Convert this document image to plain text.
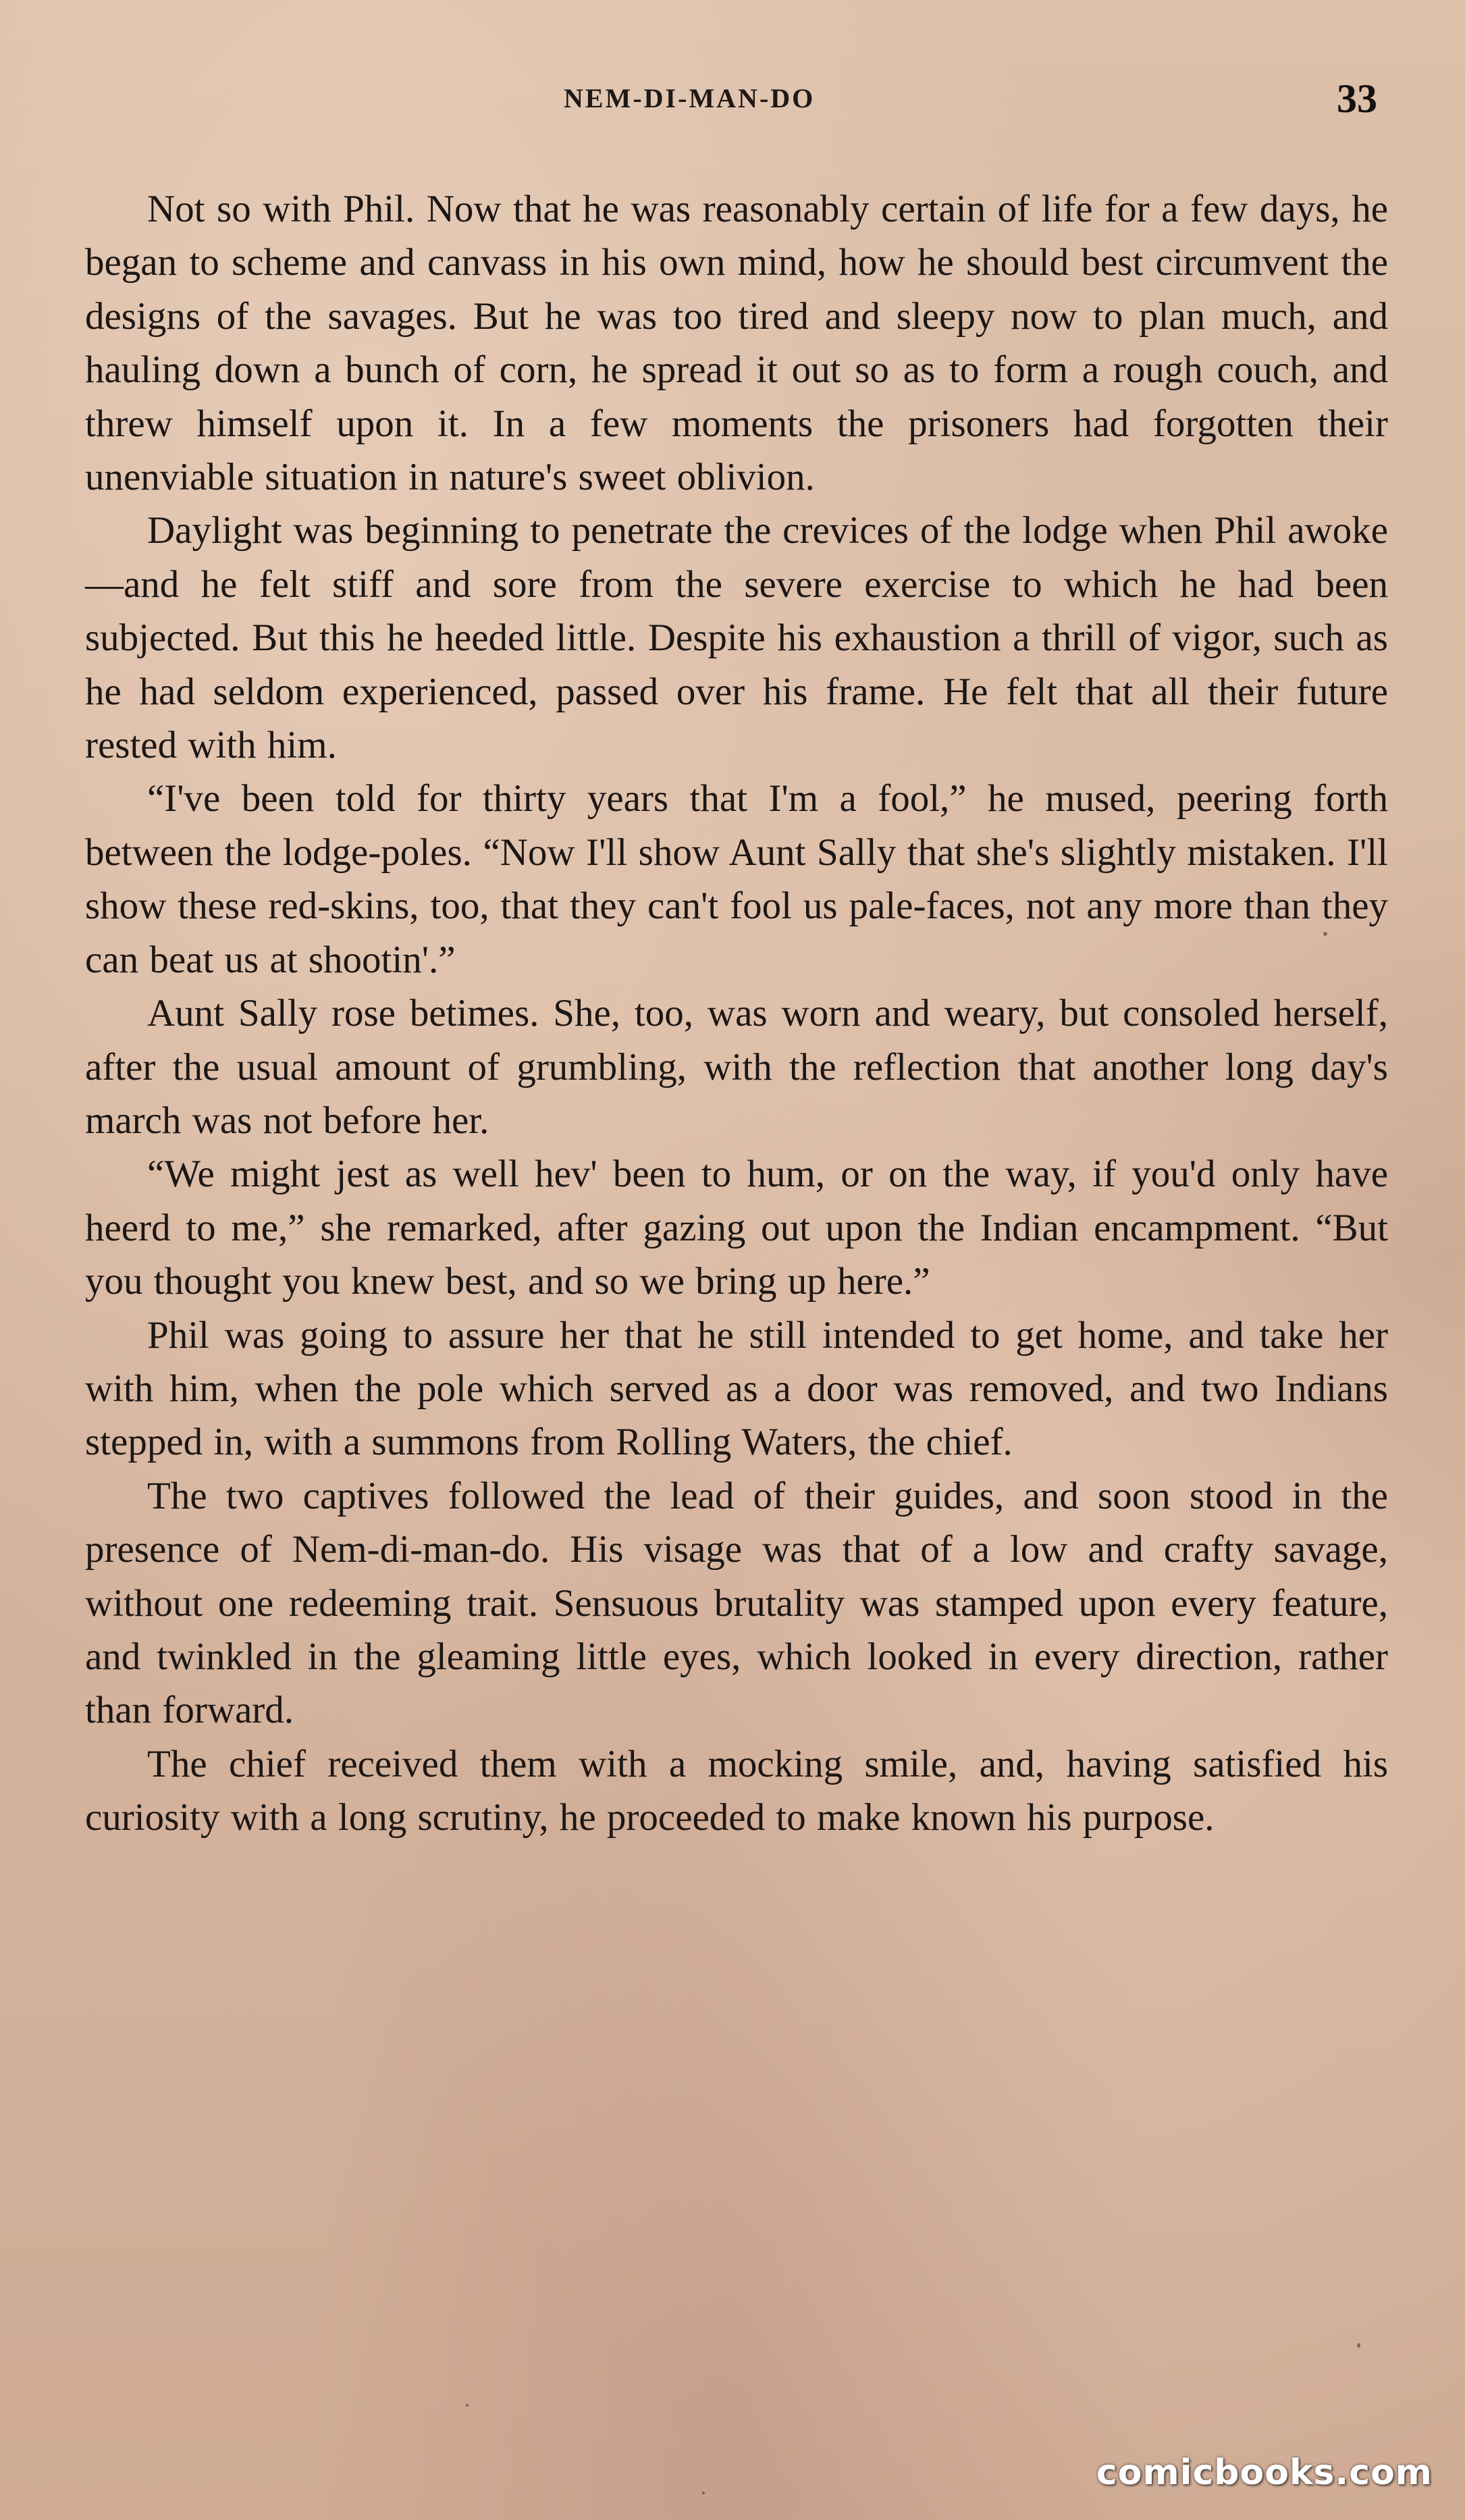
NEM-DI-MAN-DO	33

Not so with Phil. Now that he was reasonably certain of life for a few days, he began to scheme and canvass in his own mind, how he should best circumvent the designs of the savages. But he was too tired and sleepy now to plan much, and hauling down a bunch of corn, he spread it out so as to form a rough couch, and threw himself upon it. In a few moments the prisoners had forgotten their unenviable situation in nature's sweet oblivion.

Daylight was beginning to penetrate the crevices of the lodge when Phil awoke—and he felt stiff and sore from the severe exercise to which he had been subjected. But this he heeded little. Despite his exhaustion a thrill of vigor, such as he had seldom experienced, passed over his frame. He felt that all their future rested with him.

“I've been told for thirty years that I'm a fool,” he mused, peering forth between the lodge-poles. “Now I'll show Aunt Sally that she's slightly mistaken. I'll show these red-skins, too, that they can't fool us pale-faces, not any more than they can beat us at shootin'.”

Aunt Sally rose betimes. She, too, was worn and weary, but consoled herself, after the usual amount of grumbling, with the reflection that another long day's march was not before her.

“We might jest as well hev' been to hum, or on the way, if you'd only have heerd to me,” she remarked, after gazing out upon the Indian encampment. “But you thought you knew best, and so we bring up here.”

Phil was going to assure her that he still intended to get home, and take her with him, when the pole which served as a door was removed, and two Indians stepped in, with a summons from Rolling Waters, the chief.

The two captives followed the lead of their guides, and soon stood in the presence of Nem-di-man-do. His visage was that of a low and crafty savage, without one redeeming trait. Sensuous brutality was stamped upon every feature, and twinkled in the gleaming little eyes, which looked in every direction, rather than forward.

The chief received them with a mocking smile, and, having satisfied his curiosity with a long scrutiny, he proceeded to make known his purpose.

comicbooks.com
